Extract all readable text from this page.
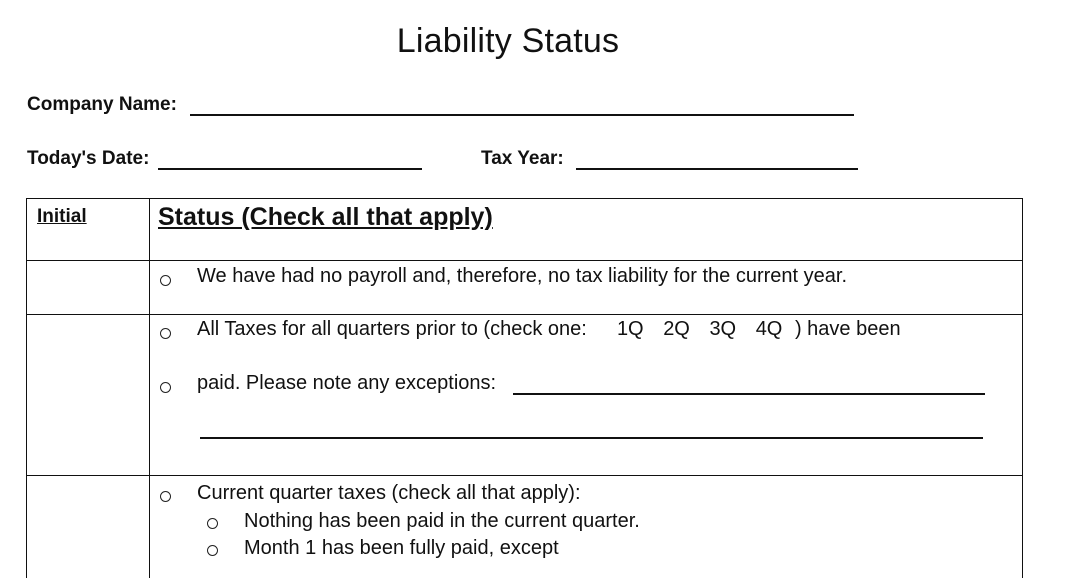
Liability Status
Company Name:
Today's Date:	Tax Year:
Initial	Status (Check all that apply)
We have had no payroll and, therefore, no tax liability for the current year.
All Taxes for all quarters prior to (check one: 1Q 2Q 3Q 4Q ) have been
paid. Please note any exceptions:
Current quarter taxes (check all that apply):
Nothing has been paid in the current quarter.
Month 1 has been fully paid, except
